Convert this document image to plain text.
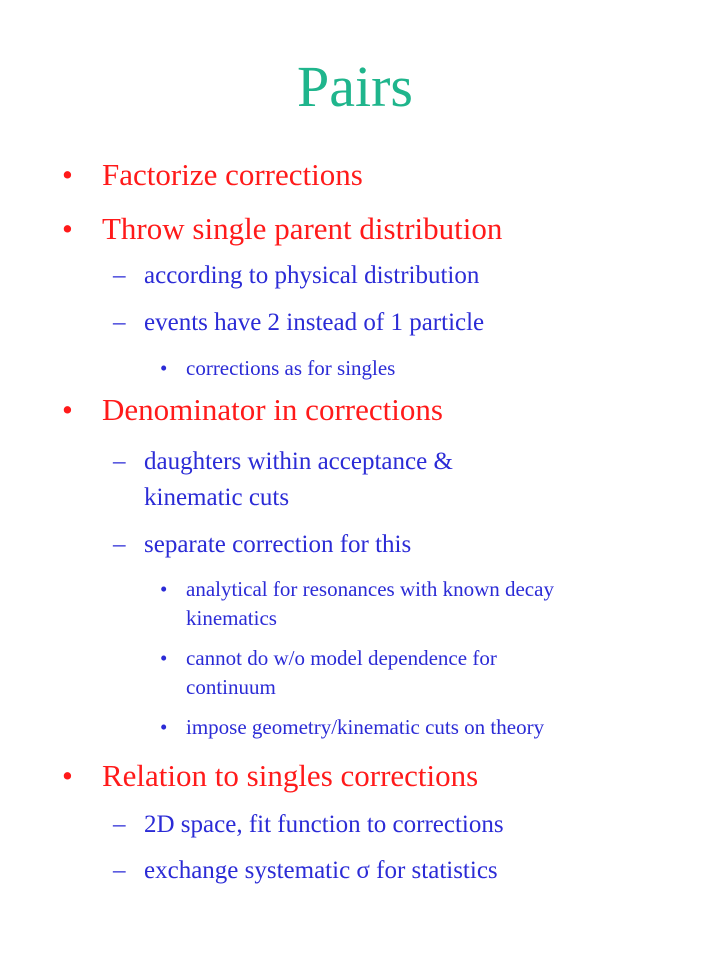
Pairs
• Factorize corrections
• Throw single parent distribution
– according to physical distribution
– events have 2 instead of 1 particle
• corrections as for singles
• Denominator in corrections
– daughters within acceptance &
kinematic cuts
– separate correction for this
• analytical for resonances with known decay
kinematics
• cannot do w/o model dependence for
continuum
• impose geometry/kinematic cuts on theory
• Relation to singles corrections
– 2D space, fit function to corrections
– exchange systematic σ for statistics
